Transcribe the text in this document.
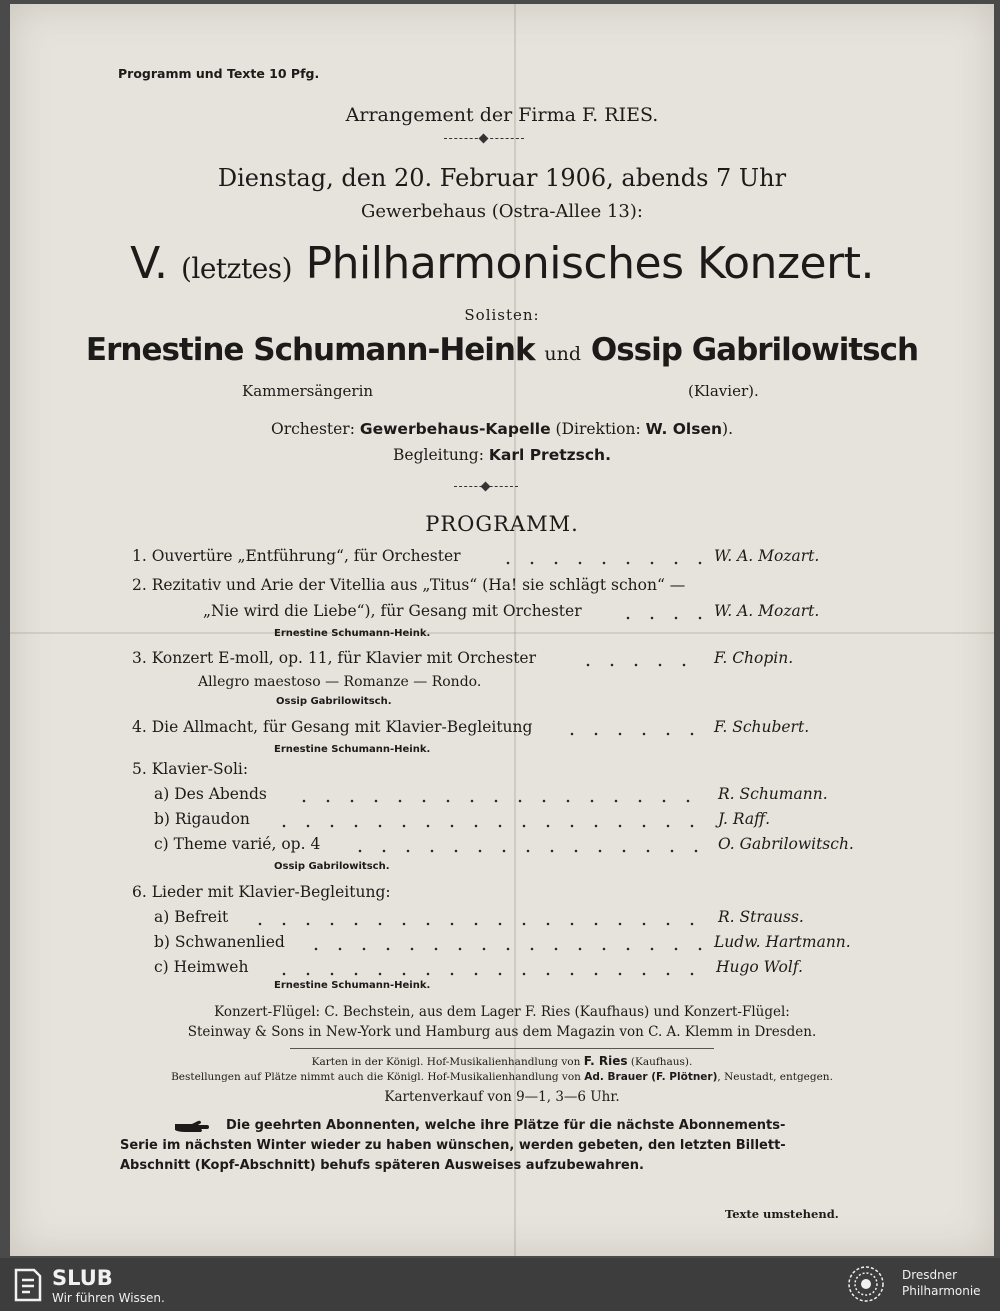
Programm und Texte 10 Pfg.
Arrangement der Firma F. RIES.
Dienstag, den 20. Februar 1906, abends 7 Uhr
Gewerbehaus (Ostra-Allee 13):
V. (letztes) Philharmonisches Konzert.
Solisten:
Ernestine Schumann-Heink und Ossip Gabrilowitsch
Kammersängerin	(Klavier).
Orchester: Gewerbehaus-Kapelle (Direktion: W. Olsen).
Begleitung: Karl Pretzsch.
PROGRAMM.
1. Ouvertüre „Entführung“, für Orchester	W. A. Mozart.
2. Rezitativ und Arie der Vitellia aus „Titus“ (Ha! sie schlägt schon“ —
„Nie wird die Liebe“), für Gesang mit Orchester	W. A. Mozart.
Ernestine Schumann-Heink.
3. Konzert E-moll, op. 11, für Klavier mit Orchester	F. Chopin.
Allegro maestoso — Romanze — Rondo.
Ossip Gabrilowitsch.
4. Die Allmacht, für Gesang mit Klavier-Begleitung	F. Schubert.
Ernestine Schumann-Heink.
5. Klavier-Soli:
a) Des Abends	R. Schumann.
b) Rigaudon	J. Raff.
c) Theme varié, op. 4	O. Gabrilowitsch.
Ossip Gabrilowitsch.
6. Lieder mit Klavier-Begleitung:
a) Befreit	R. Strauss.
b) Schwanenlied	Ludw. Hartmann.
c) Heimweh	Hugo Wolf.
Ernestine Schumann-Heink.
Konzert-Flügel: C. Bechstein, aus dem Lager F. Ries (Kaufhaus) und Konzert-Flügel:
Steinway & Sons in New-York und Hamburg aus dem Magazin von C. A. Klemm in Dresden.
Karten in der Königl. Hof-Musikalienhandlung von F. Ries (Kaufhaus).
Bestellungen auf Plätze nimmt auch die Königl. Hof-Musikalienhandlung von Ad. Brauer (F. Plötner), Neustadt, entgegen.
Kartenverkauf von 9—1, 3—6 Uhr.
Die geehrten Abonnenten, welche ihre Plätze für die nächste Abonnements-
Serie im nächsten Winter wieder zu haben wünschen, werden gebeten, den letzten Billett-
Abschnitt (Kopf-Abschnitt) behufs späteren Ausweises aufzubewahren.
Texte umstehend.
SLUB
Wir führen Wissen.
Dresdner
Philharmonie
